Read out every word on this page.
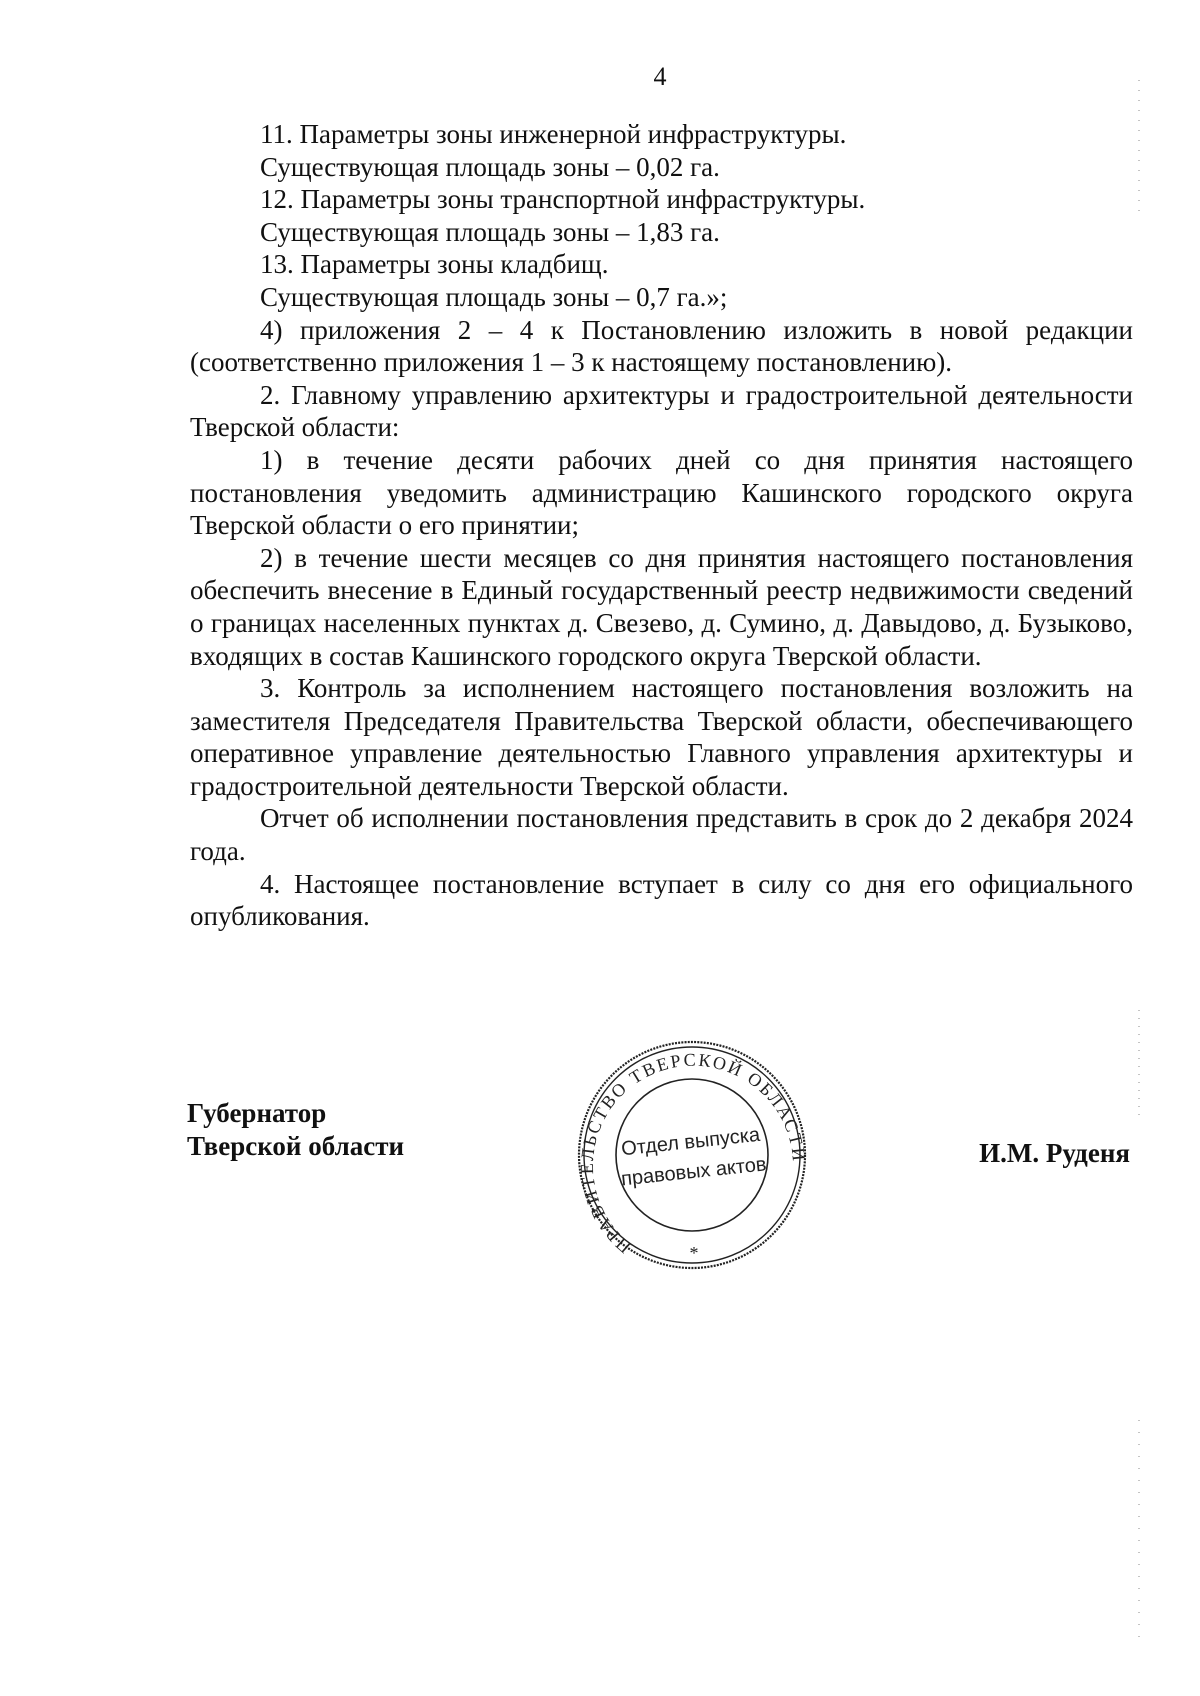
4

11. Параметры зоны инженерной инфраструктуры.

Существующая площадь зоны – 0,02 га.

12. Параметры зоны транспортной инфраструктуры.

Существующая площадь зоны – 1,83 га.

13. Параметры зоны кладбищ.

Существующая площадь зоны – 0,7 га.»;

4) приложения 2 – 4 к Постановлению изложить в новой редакции (соответственно приложения 1 – 3 к настоящему постановлению).

2. Главному управлению архитектуры и градостроительной деятельности Тверской области:

1) в течение десяти рабочих дней со дня принятия настоящего постановления уведомить администрацию Кашинского городского округа Тверской области о его принятии;

2) в течение шести месяцев со дня принятия настоящего постановления обеспечить внесение в Единый государственный реестр недвижимости сведений о границах населенных пунктах д. Свезево, д. Сумино, д. Давыдово, д. Бузыково, входящих в состав Кашинского городского округа Тверской области.

3. Контроль за исполнением настоящего постановления возложить на заместителя Председателя Правительства Тверской области, обеспечивающего оперативное управление деятельностью Главного управления архитектуры и градостроительной деятельности Тверской области.

Отчет об исполнении постановления представить в срок до 2 декабря 2024 года.

4. Настоящее постановление вступает в силу со дня его официального опубликования.

Губернатор
Тверской области
ПРАВИТЕЛЬСТВО ТВЕРСКОЙ ОБЛАСТИ
Отдел выпуска
правовых актов
*
И.М. Руденя
